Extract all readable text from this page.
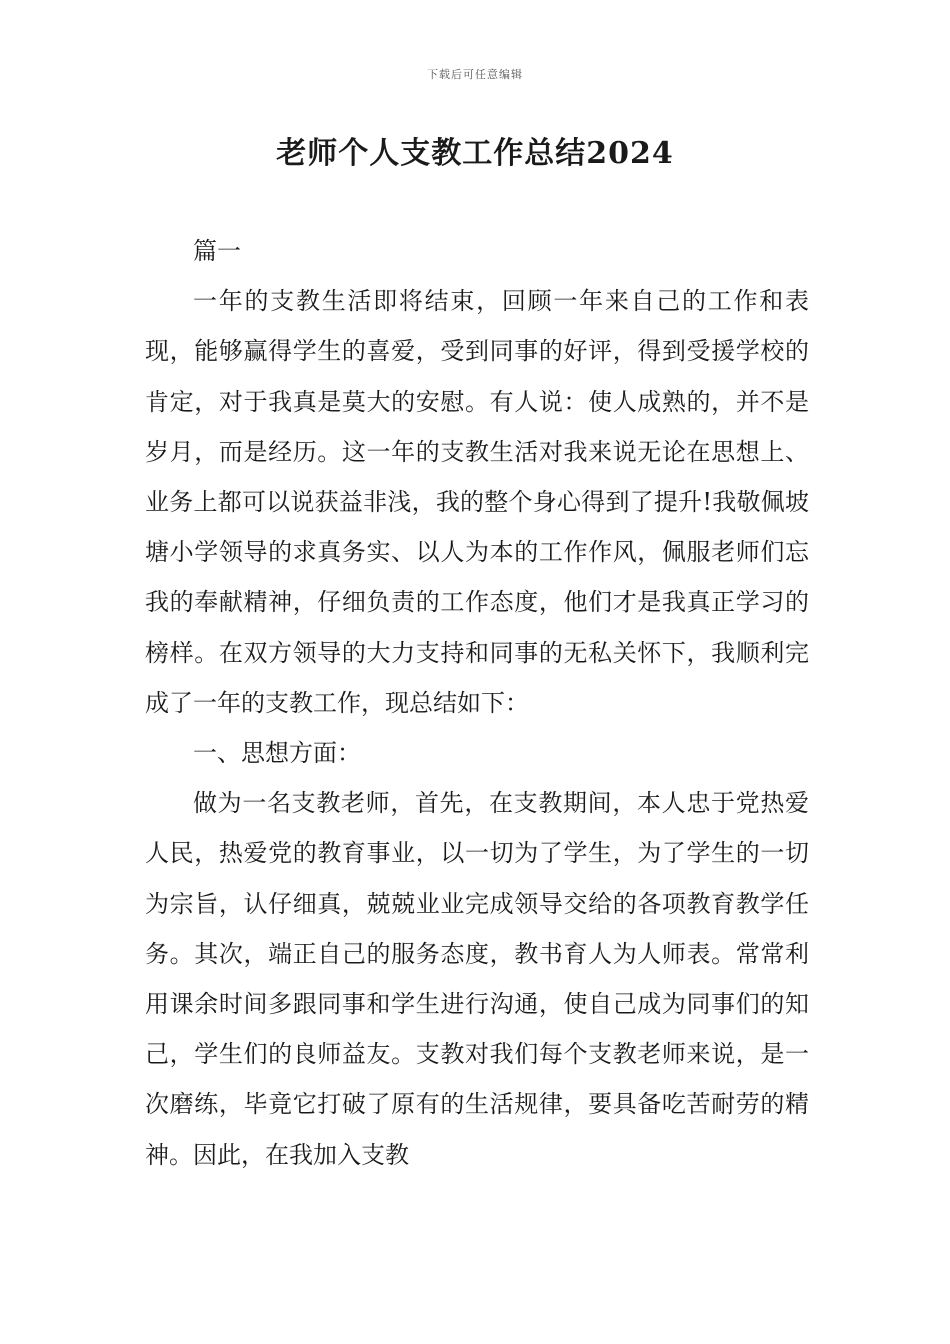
下载后可任意编辑
老师个人支教工作总结2024

篇一

一年的支教生活即将结束，回顾一年来自己的工作和表现，能够赢得学生的喜爱，受到同事的好评，得到受援学校的肯定，对于我真是莫大的安慰。有人说：使人成熟的，并不是岁月，而是经历。这一年的支教生活对我来说无论在思想上、业务上都可以说获益非浅，我的整个身心得到了提升!我敬佩坡塘小学领导的求真务实、以人为本的工作作风，佩服老师们忘我的奉献精神，仔细负责的工作态度，他们才是我真正学习的榜样。在双方领导的大力支持和同事的无私关怀下，我顺利完成了一年的支教工作，现总结如下：

一、思想方面：

做为一名支教老师，首先，在支教期间，本人忠于党热爱人民，热爱党的教育事业，以一切为了学生，为了学生的一切为宗旨，认仔细真，兢兢业业完成领导交给的各项教育教学任务。其次，端正自己的服务态度，教书育人为人师表。常常利用课余时间多跟同事和学生进行沟通，使自己成为同事们的知己，学生们的良师益友。支教对我们每个支教老师来说，是一次磨练，毕竟它打破了原有的生活规律，要具备吃苦耐劳的精神。因此，在我加入支教
